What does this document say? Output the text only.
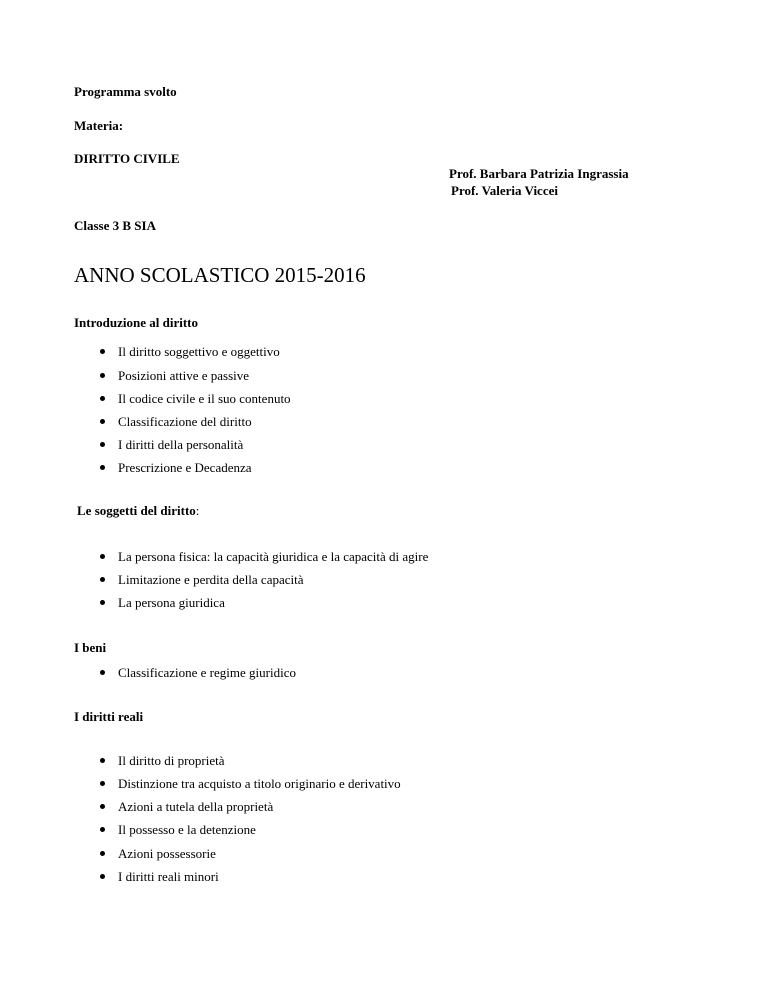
Programma svolto
Materia:
DIRITTO CIVILE
Prof. Barbara Patrizia Ingrassia
Prof. Valeria Viccei
Classe 3 B SIA
ANNO SCOLASTICO 2015-2016
Introduzione al diritto
Il diritto soggettivo e oggettivo
Posizioni attive e passive
Il codice civile e il suo contenuto
Classificazione del diritto
I diritti della personalità
Prescrizione e Decadenza
Le soggetti del diritto:
La persona fisica: la capacità giuridica e la capacità di agire
Limitazione e perdita della capacità
La persona giuridica
I beni
Classificazione e regime giuridico
I diritti reali
Il diritto di proprietà
Distinzione tra acquisto a titolo originario e derivativo
Azioni a tutela della proprietà
Il possesso e la detenzione
Azioni possessorie
I diritti reali minori
